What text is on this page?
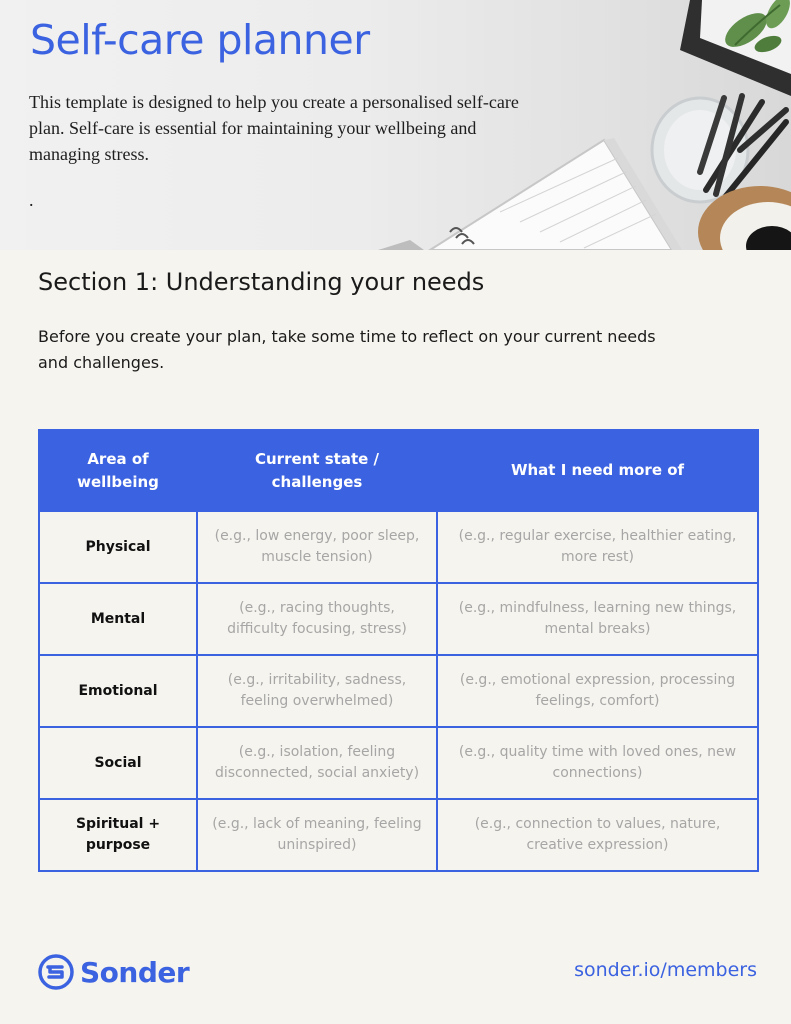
Self-care planner

This template is designed to help you create a personalised self-care plan. Self-care is essential for maintaining your wellbeing and managing stress.

.
Section 1: Understanding your needs

Before you create your plan, take some time to reflect on your current needs and challenges.

Area of wellbeing	Current state / challenges	What I need more of
Physical	(e.g., low energy, poor sleep, muscle tension)	(e.g., regular exercise, healthier eating, more rest)
Mental	(e.g., racing thoughts, difficulty focusing, stress)	(e.g., mindfulness, learning new things, mental breaks)
Emotional	(e.g., irritability, sadness, feeling overwhelmed)	(e.g., emotional expression, processing feelings, comfort)
Social	(e.g., isolation, feeling disconnected, social anxiety)	(e.g., quality time with loved ones, new connections)
Spiritual + purpose	(e.g., lack of meaning, feeling uninspired)	(e.g., connection to values, nature, creative expression)
Sonder	sonder.io/members
